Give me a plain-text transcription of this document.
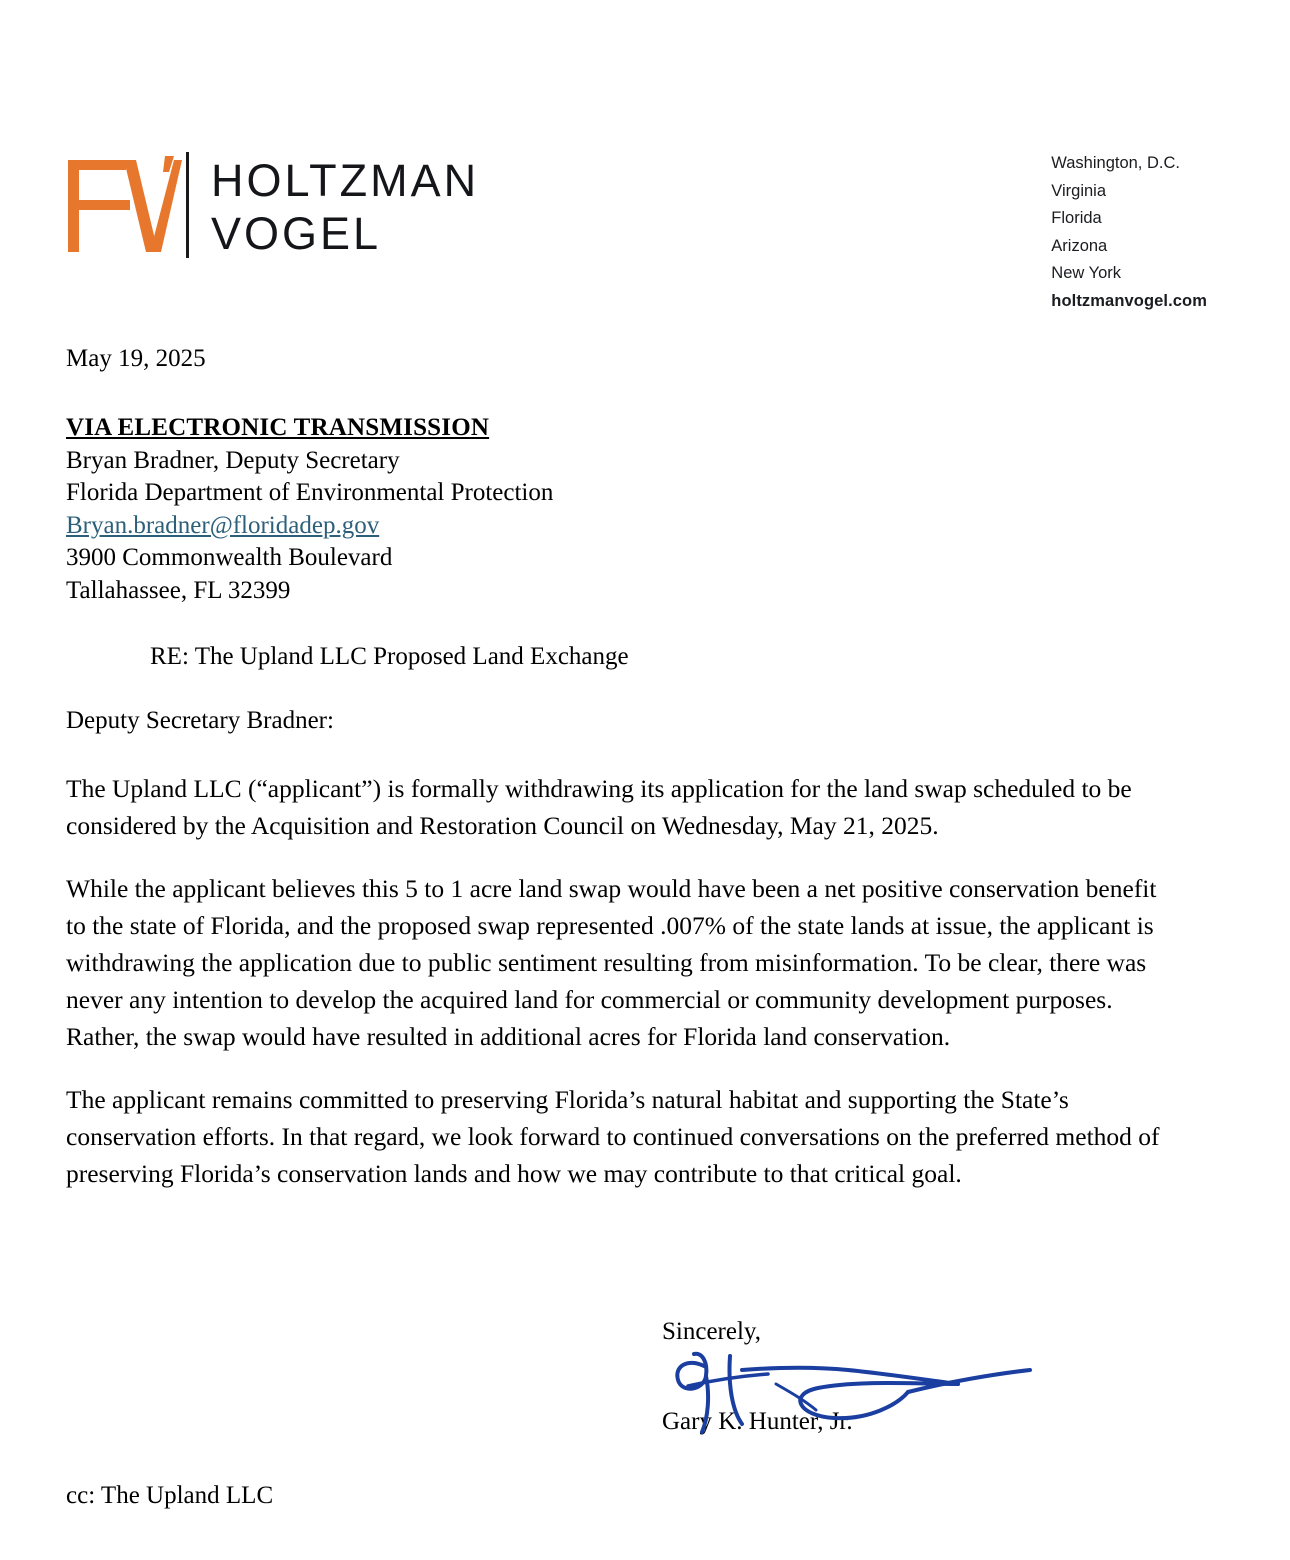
HOLTZMAN
VOGEL
Washington, D.C.
Virginia
Florida
Arizona
New York
holtzmanvogel.com
May 19, 2025
VIA ELECTRONIC TRANSMISSION
Bryan Bradner, Deputy Secretary
Florida Department of Environmental Protection
Bryan.bradner@floridadep.gov
3900 Commonwealth Boulevard
Tallahassee, FL 32399
RE: The Upland LLC Proposed Land Exchange
Deputy Secretary Bradner:

The Upland LLC (“applicant”) is formally withdrawing its application for the land swap scheduled to be considered by the Acquisition and Restoration Council on Wednesday, May 21, 2025.

While the applicant believes this 5 to 1 acre land swap would have been a net positive conservation benefit to the state of Florida, and the proposed swap represented .007% of the state lands at issue, the applicant is withdrawing the application due to public sentiment resulting from misinformation. To be clear, there was never any intention to develop the acquired land for commercial or community development purposes. Rather, the swap would have resulted in additional acres for Florida land conservation.

The applicant remains committed to preserving Florida’s natural habitat and supporting the State’s conservation efforts. In that regard, we look forward to continued conversations on the preferred method of preserving Florida’s conservation lands and how we may contribute to that critical goal.

Sincerely,

Gary K. Hunter, Jr.

cc: The Upland LLC
